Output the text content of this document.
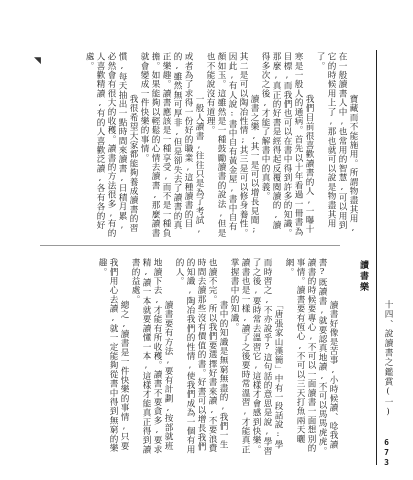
十四、說讀書之鑑賞(一)
673

寶藏而不能施用。所謂物盡其用,在一般讀書人中,也常用的智慧,可以用到它的時候用上了,那也就可以說是物盡其用了。
我們目前很喜歡讀書的人,一曝十寒是一般人的通病。首先以十年看過一冊書為目標,而我們也可以在書中得到許多的知識。那麼,真正的好書是經得起反覆閱讀的,讀得多次之後,才能了解書中的真義。
讀書之樂,其一是可以增長見聞;其二是可以陶冶性情;其三是可以修身養性。因此,有人說:書中自有黃金屋,書中自有顏如玉。這雖然是一種鼓勵讀書的說法,但是也不能說沒有道理。
一般人讀書,往往只是為了考試,或者為了求得一份好的職業,這種讀書的目的,雖然無可厚非,但是卻失去了讀書的真正樂趣。讀書應該是一種享受,而不是一種負擔。如果能夠以輕鬆的心情去讀書,那麼讀書就會變成一件快樂的事情。
我很希望大家都能夠養成讀書的習慣,每天抽出一點時間來讀書,日積月累,必然會有很大的收穫。讀書的方法很多,有的人喜歡精讀,有的人喜歡泛讀,各有各的好處。

讀書樂

讀書好像是苦事,小時候讀、唸我讀書?既讀書,就要認真地讀,不可以馬馬虎虎。讀書的時候要專心,不可以一面讀書一面想別的事情。讀書要有恆心,不可以三天打魚兩天曬網。
「唐張家山漢簡」中有一段話說:學而時習之,不亦說乎?這句話的意思是說,學習了之後,要時常去溫習它,這樣才會感到快樂。讀書也是一樣,讀了之後要時常溫習,才能真正掌握書中的知識。
書中的知識是無窮無盡的,我們一生也讀不完。所以我們要選擇好書來讀,不要浪費時間去讀那些沒有價值的書。好書可以增長我們的知識,陶冶我們的性情,使我們成為一個有用的人。
讀書要有方法,要有計劃,按部就班地讀下去,才能有所收穫。讀書不要貪多,要求精,讀一本就要讀懂一本,這樣才能真正得到讀書的益處。
總之,讀書是一件快樂的事情,只要我們用心去讀,就一定能夠從書中得到無窮的樂趣。

◥
